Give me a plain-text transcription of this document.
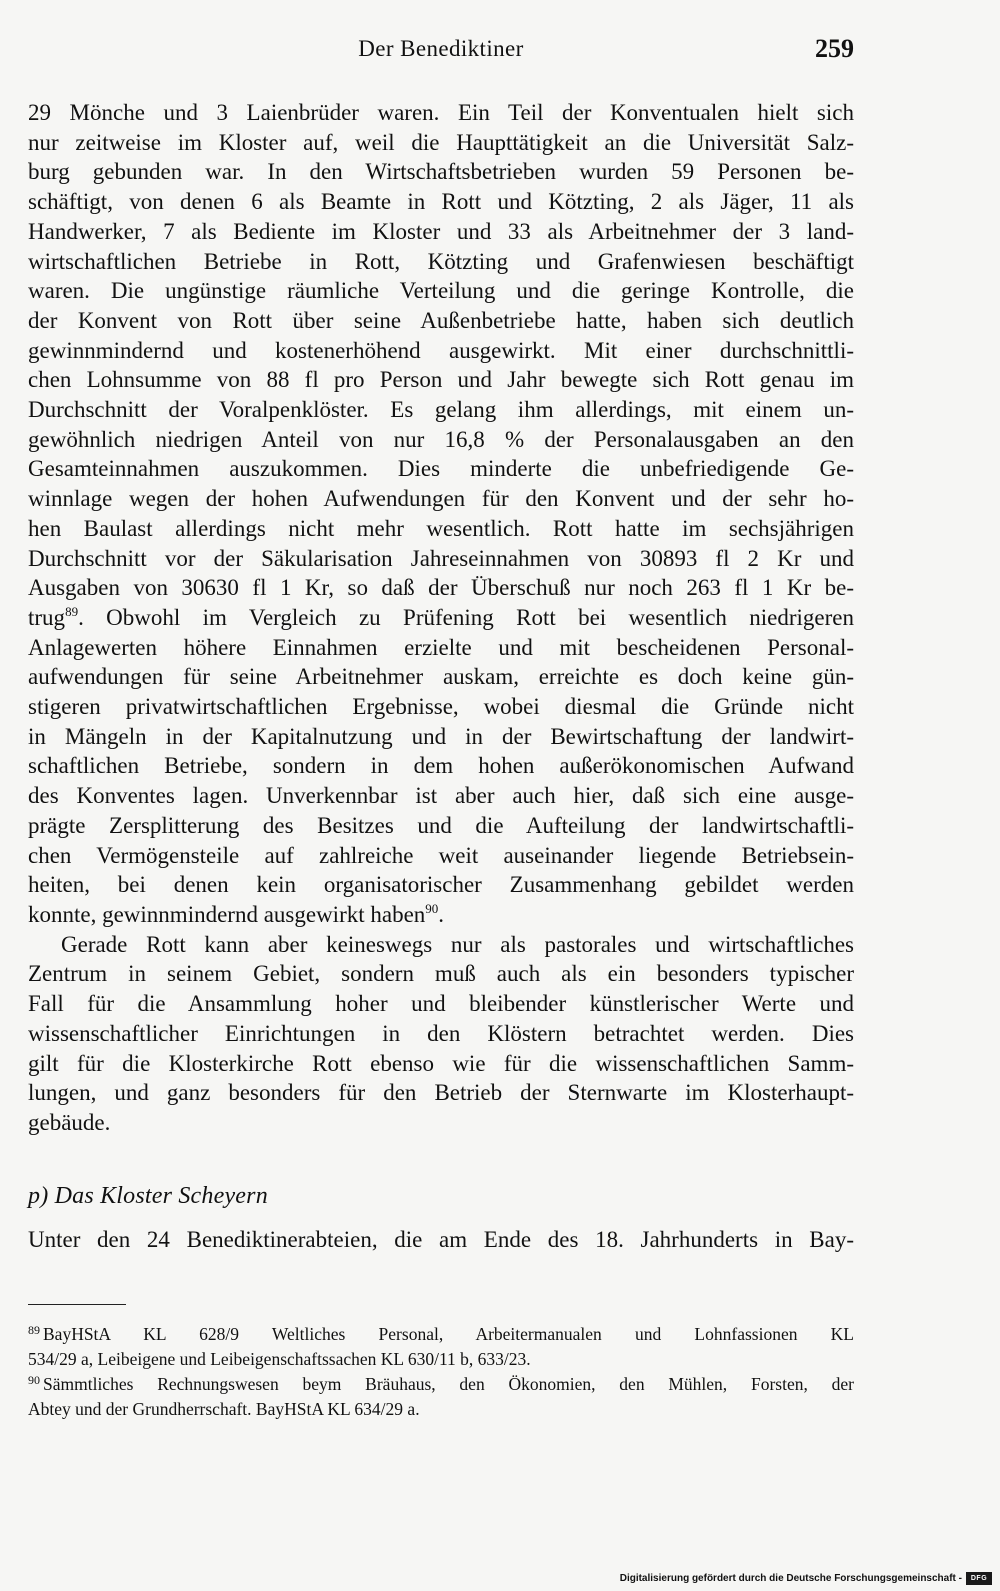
Der Benediktiner	259

29 Mönche und 3 Laienbrüder waren. Ein Teil der Konventualen hielt sich
nur zeitweise im Kloster auf, weil die Haupttätigkeit an die Universität Salz-
burg gebunden war. In den Wirtschaftsbetrieben wurden 59 Personen be-
schäftigt, von denen 6 als Beamte in Rott und Kötzting, 2 als Jäger, 11 als
Handwerker, 7 als Bediente im Kloster und 33 als Arbeitnehmer der 3 land-
wirtschaftlichen Betriebe in Rott, Kötzting und Grafenwiesen beschäftigt
waren. Die ungünstige räumliche Verteilung und die geringe Kontrolle, die
der Konvent von Rott über seine Außenbetriebe hatte, haben sich deutlich
gewinnmindernd und kostenerhöhend ausgewirkt. Mit einer durchschnittli-
chen Lohnsumme von 88 fl pro Person und Jahr bewegte sich Rott genau im
Durchschnitt der Voralpenklöster. Es gelang ihm allerdings, mit einem un-
gewöhnlich niedrigen Anteil von nur 16,8 % der Personalausgaben an den
Gesamteinnahmen auszukommen. Dies minderte die unbefriedigende Ge-
winnlage wegen der hohen Aufwendungen für den Konvent und der sehr ho-
hen Baulast allerdings nicht mehr wesentlich. Rott hatte im sechsjährigen
Durchschnitt vor der Säkularisation Jahreseinnahmen von 30893 fl 2 Kr und
Ausgaben von 30630 fl 1 Kr, so daß der Überschuß nur noch 263 fl 1 Kr be-
trug$^{89}$. Obwohl im Vergleich zu Prüfening Rott bei wesentlich niedrigeren
Anlagewerten höhere Einnahmen erzielte und mit bescheidenen Personal-
aufwendungen für seine Arbeitnehmer auskam, erreichte es doch keine gün-
stigeren privatwirtschaftlichen Ergebnisse, wobei diesmal die Gründe nicht
in Mängeln in der Kapitalnutzung und in der Bewirtschaftung der landwirt-
schaftlichen Betriebe, sondern in dem hohen außerökonomischen Aufwand
des Konventes lagen. Unverkennbar ist aber auch hier, daß sich eine ausge-
prägte Zersplitterung des Besitzes und die Aufteilung der landwirtschaftli-
chen Vermögensteile auf zahlreiche weit auseinander liegende Betriebsein-
heiten, bei denen kein organisatorischer Zusammenhang gebildet werden
konnte, gewinnmindernd ausgewirkt haben$^{90}$.

Gerade Rott kann aber keineswegs nur als pastorales und wirtschaftliches
Zentrum in seinem Gebiet, sondern muß auch als ein besonders typischer
Fall für die Ansammlung hoher und bleibender künstlerischer Werte und
wissenschaftlicher Einrichtungen in den Klöstern betrachtet werden. Dies
gilt für die Klosterkirche Rott ebenso wie für die wissenschaftlichen Samm-
lungen, und ganz besonders für den Betrieb der Sternwarte im Klosterhaupt-
gebäude.

p) Das Kloster Scheyern
Unter den 24 Benediktinerabteien, die am Ende des 18. Jahrhunderts in Bay-

$^{89}$ BayHStA KL 628/9 Weltliches Personal, Arbeitermanualen und Lohnfassionen KL
534/29 a, Leibeigene und Leibeigenschaftssachen KL 630/11 b, 633/23.

$^{90}$ Sämmtliches Rechnungswesen beym Bräuhaus, den Ökonomien, den Mühlen, Forsten, der
Abtey und der Grundherrschaft. BayHStA KL 634/29 a.

Digitalisierung gefördert durch die Deutsche Forschungsgemeinschaft -	DFG
